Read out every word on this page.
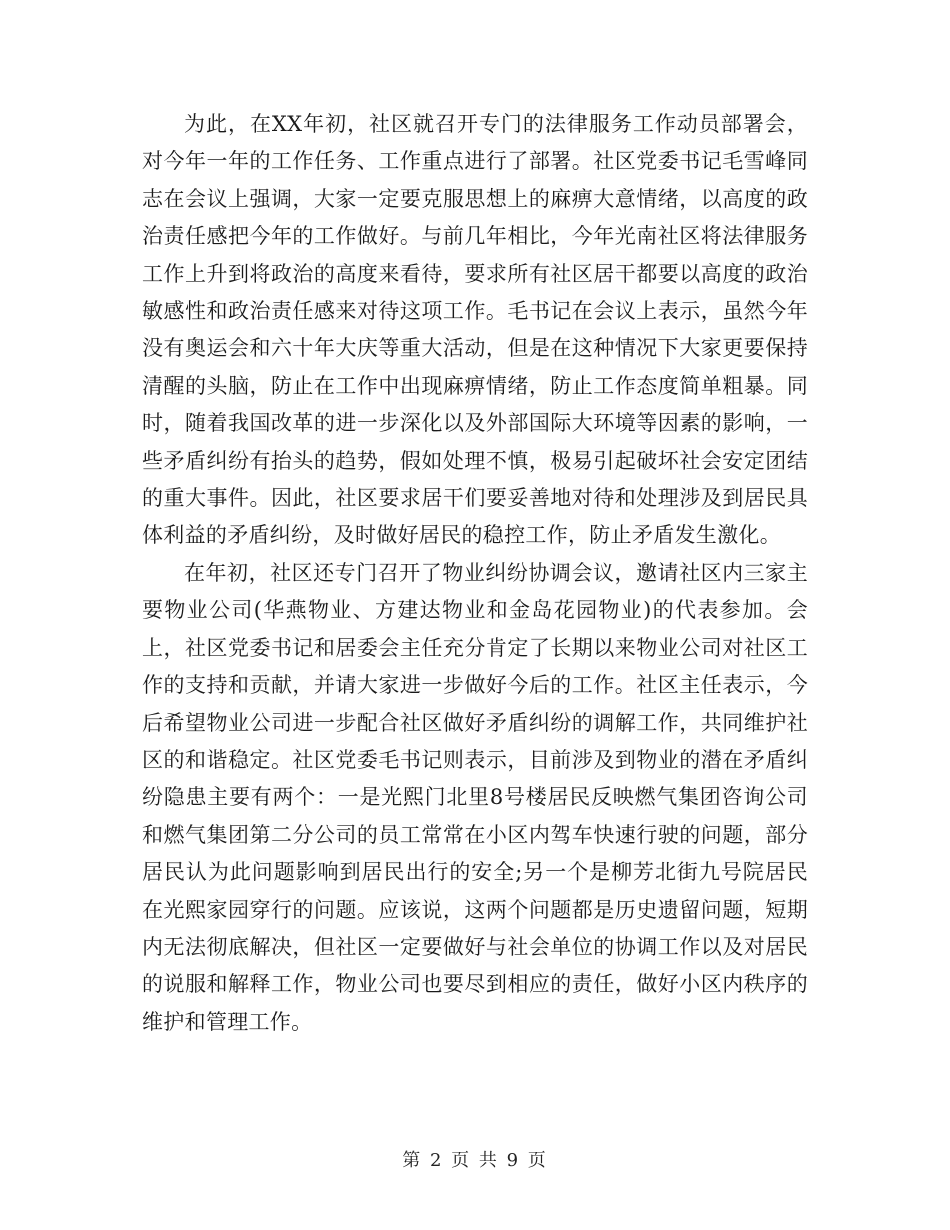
为此，在XX年初，社区就召开专门的法律服务工作动员部署会，对今年一年的工作任务、工作重点进行了部署。社区党委书记毛雪峰同志在会议上强调，大家一定要克服思想上的麻痹大意情绪，以高度的政治责任感把今年的工作做好。与前几年相比，今年光南社区将法律服务工作上升到将政治的高度来看待，要求所有社区居干都要以高度的政治敏感性和政治责任感来对待这项工作。毛书记在会议上表示，虽然今年没有奥运会和六十年大庆等重大活动，但是在这种情况下大家更要保持清醒的头脑，防止在工作中出现麻痹情绪，防止工作态度简单粗暴。同时，随着我国改革的进一步深化以及外部国际大环境等因素的影响，一些矛盾纠纷有抬头的趋势，假如处理不慎，极易引起破坏社会安定团结的重大事件。因此，社区要求居干们要妥善地对待和处理涉及到居民具体利益的矛盾纠纷，及时做好居民的稳控工作，防止矛盾发生激化。

在年初，社区还专门召开了物业纠纷协调会议，邀请社区内三家主要物业公司(华燕物业、方建达物业和金岛花园物业)的代表参加。会上，社区党委书记和居委会主任充分肯定了长期以来物业公司对社区工作的支持和贡献，并请大家进一步做好今后的工作。社区主任表示，今后希望物业公司进一步配合社区做好矛盾纠纷的调解工作，共同维护社区的和谐稳定。社区党委毛书记则表示，目前涉及到物业的潜在矛盾纠纷隐患主要有两个：一是光熙门北里8号楼居民反映燃气集团咨询公司和燃气集团第二分公司的员工常常在小区内驾车快速行驶的问题，部分居民认为此问题影响到居民出行的安全;另一个是柳芳北街九号院居民在光熙家园穿行的问题。应该说，这两个问题都是历史遗留问题，短期内无法彻底解决，但社区一定要做好与社会单位的协调工作以及对居民的说服和解释工作，物业公司也要尽到相应的责任，做好小区内秩序的维护和管理工作。

第 2 页 共 9 页
